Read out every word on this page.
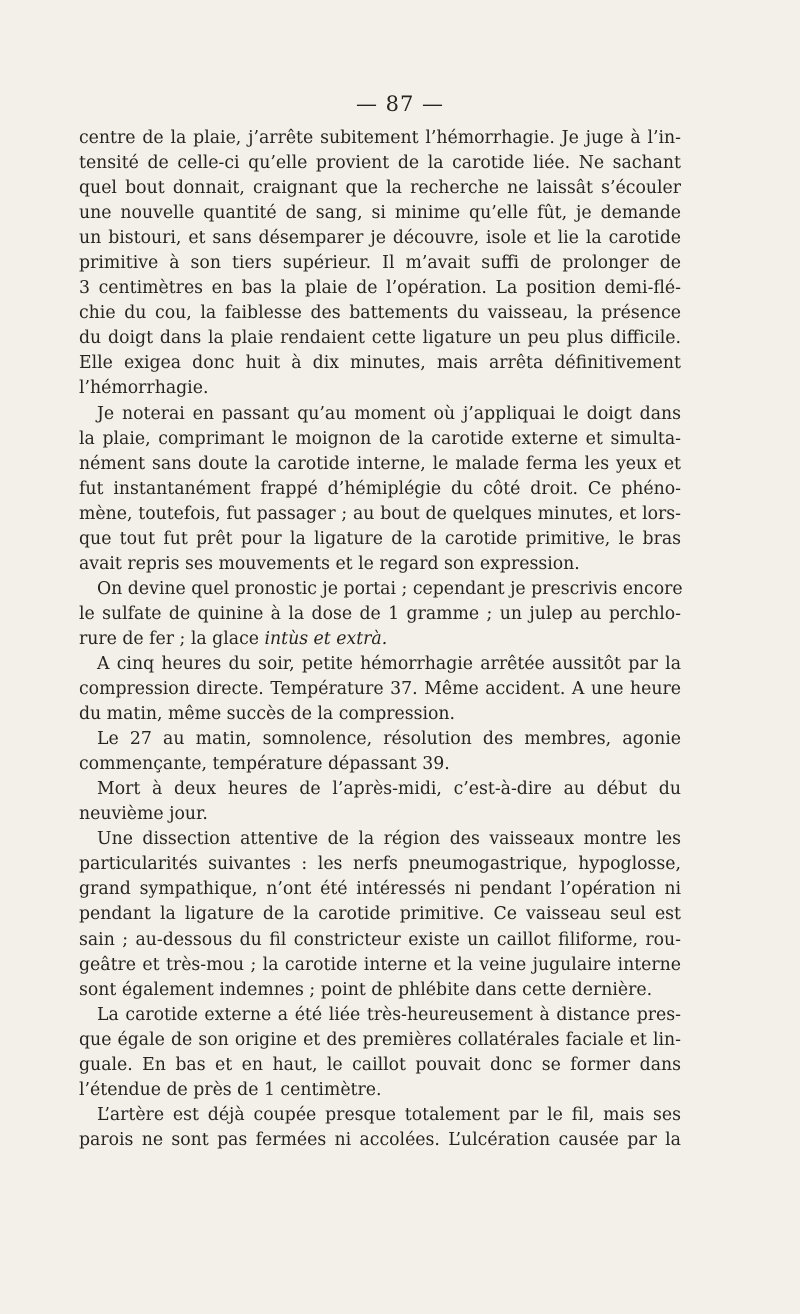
— 87 —

centre de la plaie, j’arrête subitement l’hémorrhagie. Je juge à l’in-

tensité de celle-ci qu’elle provient de la carotide liée. Ne sachant

quel bout donnait, craignant que la recherche ne laissât s’écouler

une nouvelle quantité de sang, si minime qu’elle fût, je demande

un bistouri, et sans désemparer je découvre, isole et lie la carotide

primitive à son tiers supérieur. Il m’avait suffi de prolonger de

3 centimètres en bas la plaie de l’opération. La position demi-flé-

chie du cou, la faiblesse des battements du vaisseau, la présence

du doigt dans la plaie rendaient cette ligature un peu plus difficile.

Elle exigea donc huit à dix minutes, mais arrêta définitivement

l’hémorrhagie.

Je noterai en passant qu’au moment où j’appliquai le doigt dans

la plaie, comprimant le moignon de la carotide externe et simulta-

nément sans doute la carotide interne, le malade ferma les yeux et

fut instantanément frappé d’hémiplégie du côté droit. Ce phéno-

mène, toutefois, fut passager ; au bout de quelques minutes, et lors-

que tout fut prêt pour la ligature de la carotide primitive, le bras

avait repris ses mouvements et le regard son expression.

On devine quel pronostic je portai ; cependant je prescrivis encore

le sulfate de quinine à la dose de 1 gramme ; un julep au perchlo-

rure de fer ; la glace intùs et extrà.

A cinq heures du soir, petite hémorrhagie arrêtée aussitôt par la

compression directe. Température 37. Même accident. A une heure

du matin, même succès de la compression.

Le 27 au matin, somnolence, résolution des membres, agonie

commençante, température dépassant 39.

Mort à deux heures de l’après-midi, c’est-à-dire au début du

neuvième jour.

Une dissection attentive de la région des vaisseaux montre les

particularités suivantes : les nerfs pneumogastrique, hypoglosse,

grand sympathique, n’ont été intéressés ni pendant l’opération ni

pendant la ligature de la carotide primitive. Ce vaisseau seul est

sain ; au-dessous du fil constricteur existe un caillot filiforme, rou-

geâtre et très-mou ; la carotide interne et la veine jugulaire interne

sont également indemnes ; point de phlébite dans cette dernière.

La carotide externe a été liée très-heureusement à distance pres-

que égale de son origine et des premières collatérales faciale et lin-

guale. En bas et en haut, le caillot pouvait donc se former dans

l’étendue de près de 1 centimètre.

L’artère est déjà coupée presque totalement par le fil, mais ses

parois ne sont pas fermées ni accolées. L’ulcération causée par la
